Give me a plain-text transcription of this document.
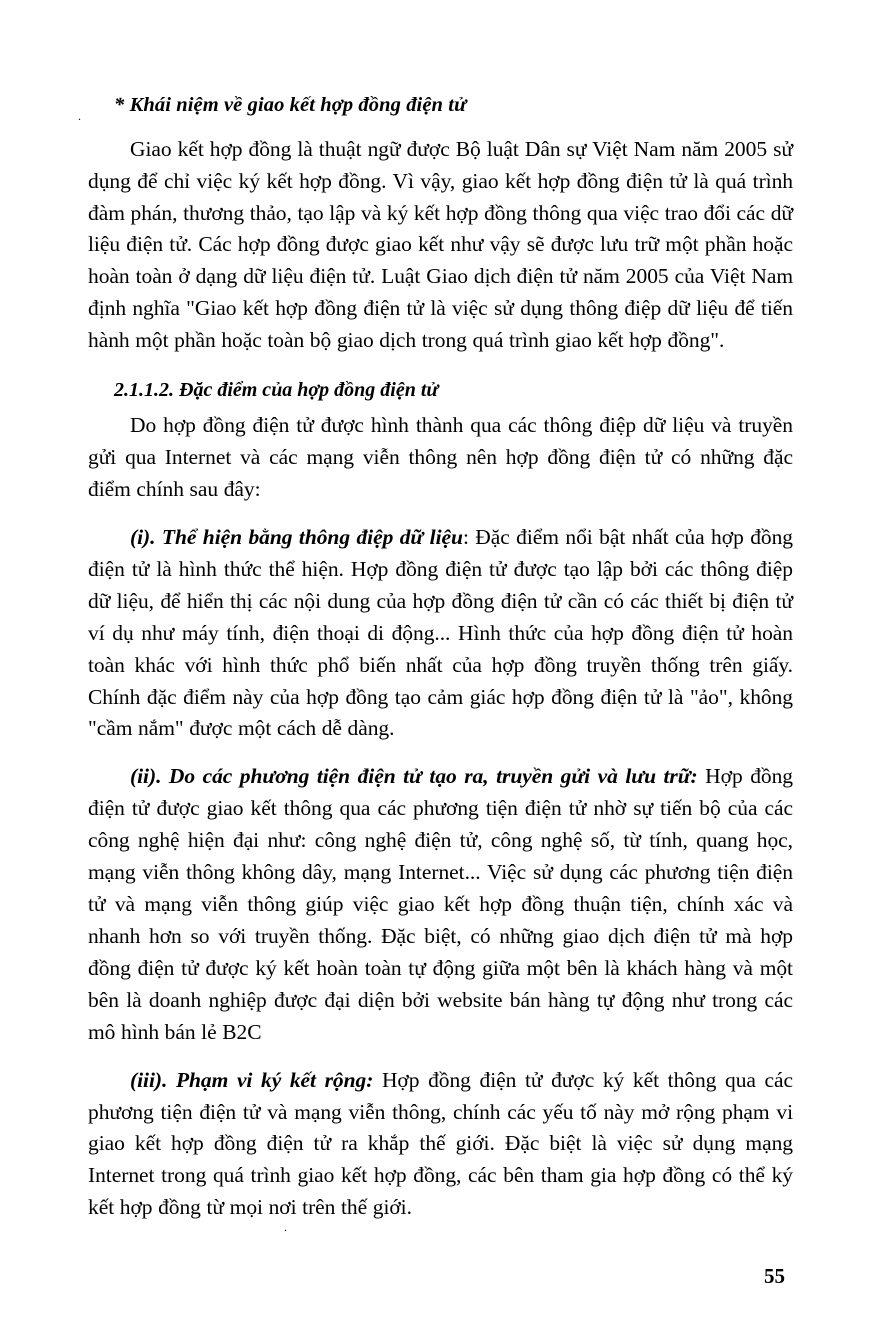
.	* Khái niệm về giao kết hợp đồng điện tử

Giao kết hợp đồng là thuật ngữ được Bộ luật Dân sự Việt Nam năm 2005 sử dụng để chỉ việc ký kết hợp đồng. Vì vậy, giao kết hợp đồng điện tử là quá trình đàm phán, thương thảo, tạo lập và ký kết hợp đồng thông qua việc trao đổi các dữ liệu điện tử. Các hợp đồng được giao kết như vậy sẽ được lưu trữ một phần hoặc hoàn toàn ở dạng dữ liệu điện tử. Luật Giao dịch điện tử năm 2005 của Việt Nam định nghĩa "Giao kết hợp đồng điện tử là việc sử dụng thông điệp dữ liệu để tiến hành một phần hoặc toàn bộ giao dịch trong quá trình giao kết hợp đồng".

2.1.1.2. Đặc điểm của hợp đồng điện tử

Do hợp đồng điện tử được hình thành qua các thông điệp dữ liệu và truyền gửi qua Internet và các mạng viễn thông nên hợp đồng điện tử có những đặc điểm chính sau đây:

(i). Thể hiện bằng thông điệp dữ liệu: Đặc điểm nổi bật nhất của hợp đồng điện tử là hình thức thể hiện. Hợp đồng điện tử được tạo lập bởi các thông điệp dữ liệu, để hiển thị các nội dung của hợp đồng điện tử cần có các thiết bị điện tử ví dụ như máy tính, điện thoại di động... Hình thức của hợp đồng điện tử hoàn toàn khác với hình thức phổ biến nhất của hợp đồng truyền thống trên giấy. Chính đặc điểm này của hợp đồng tạo cảm giác hợp đồng điện tử là "ảo", không "cầm nắm" được một cách dễ dàng.

(ii). Do các phương tiện điện tử tạo ra, truyền gửi và lưu trữ: Hợp đồng điện tử được giao kết thông qua các phương tiện điện tử nhờ sự tiến bộ của các công nghệ hiện đại như: công nghệ điện tử, công nghệ số, từ tính, quang học, mạng viễn thông không dây, mạng Internet... Việc sử dụng các phương tiện điện tử và mạng viễn thông giúp việc giao kết hợp đồng thuận tiện, chính xác và nhanh hơn so với truyền thống. Đặc biệt, có những giao dịch điện tử mà hợp đồng điện tử được ký kết hoàn toàn tự động giữa một bên là khách hàng và một bên là doanh nghiệp được đại diện bởi website bán hàng tự động như trong các mô hình bán lẻ B2C

(iii). Phạm vi ký kết rộng: Hợp đồng điện tử được ký kết thông qua các phương tiện điện tử và mạng viễn thông, chính các yếu tố này mở rộng phạm vi giao kết hợp đồng điện tử ra khắp thế giới. Đặc biệt là việc sử dụng mạng Internet trong quá trình giao kết hợp đồng, các bên tham gia hợp đồng có thể ký kết hợp đồng từ mọi nơi trên thế giới.

.
55
